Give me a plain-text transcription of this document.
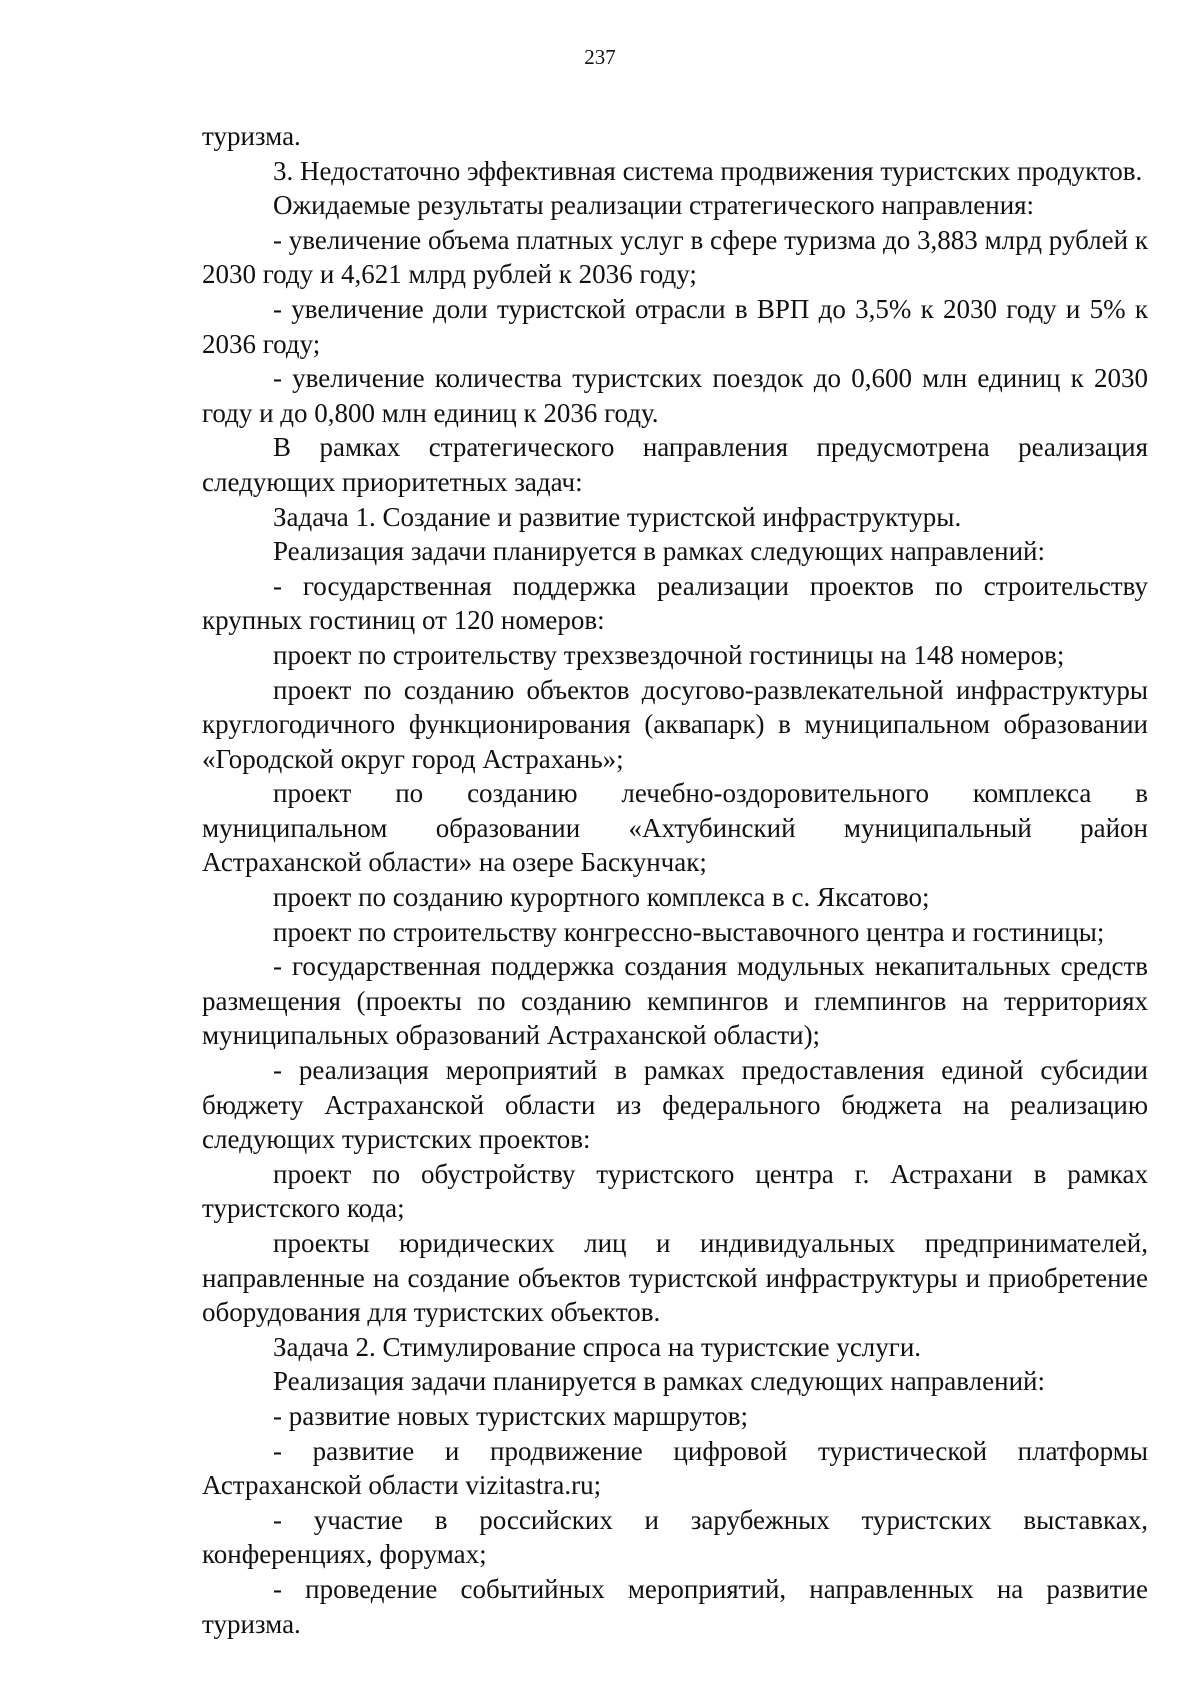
237

туризма.

3. Недостаточно эффективная система продвижения туристских продуктов.

Ожидаемые результаты реализации стратегического направления:

- увеличение объема платных услуг в сфере туризма до 3,883 млрд рублей к 2030 году и 4,621 млрд рублей к 2036 году;

- увеличение доли туристской отрасли в ВРП до 3,5% к 2030 году и 5% к 2036 году;

- увеличение количества туристских поездок до 0,600 млн единиц к 2030 году и до 0,800 млн единиц к 2036 году.

В рамках стратегического направления предусмотрена реализация следующих приоритетных задач:

Задача 1. Создание и развитие туристской инфраструктуры.

Реализация задачи планируется в рамках следующих направлений:

- государственная поддержка реализации проектов по строительству крупных гостиниц от 120 номеров:

проект по строительству трехзвездочной гостиницы на 148 номеров;

проект по созданию объектов досугово-развлекательной инфраструктуры круглогодичного функционирования (аквапарк) в муниципальном образовании «Городской округ город Астрахань»;

проект по созданию лечебно-оздоровительного комплекса в муниципальном образовании «Ахтубинский муниципальный район Астраханской области» на озере Баскунчак;

проект по созданию курортного комплекса в с. Яксатово;

проект по строительству конгрессно-выставочного центра и гостиницы;

- государственная поддержка создания модульных некапитальных средств размещения (проекты по созданию кемпингов и глемпингов на территориях муниципальных образований Астраханской области);

- реализация мероприятий в рамках предоставления единой субсидии бюджету Астраханской области из федерального бюджета на реализацию следующих туристских проектов:

проект по обустройству туристского центра г. Астрахани в рамках туристского кода;

проекты юридических лиц и индивидуальных предпринимателей, направленные на создание объектов туристской инфраструктуры и приобретение оборудования для туристских объектов.

Задача 2. Стимулирование спроса на туристские услуги.

Реализация задачи планируется в рамках следующих направлений:

- развитие новых туристских маршрутов;

- развитие и продвижение цифровой туристической платформы Астраханской области vizitastra.ru;

- участие в российских и зарубежных туристских выставках, конференциях, форумах;

- проведение событийных мероприятий, направленных на развитие туризма.
